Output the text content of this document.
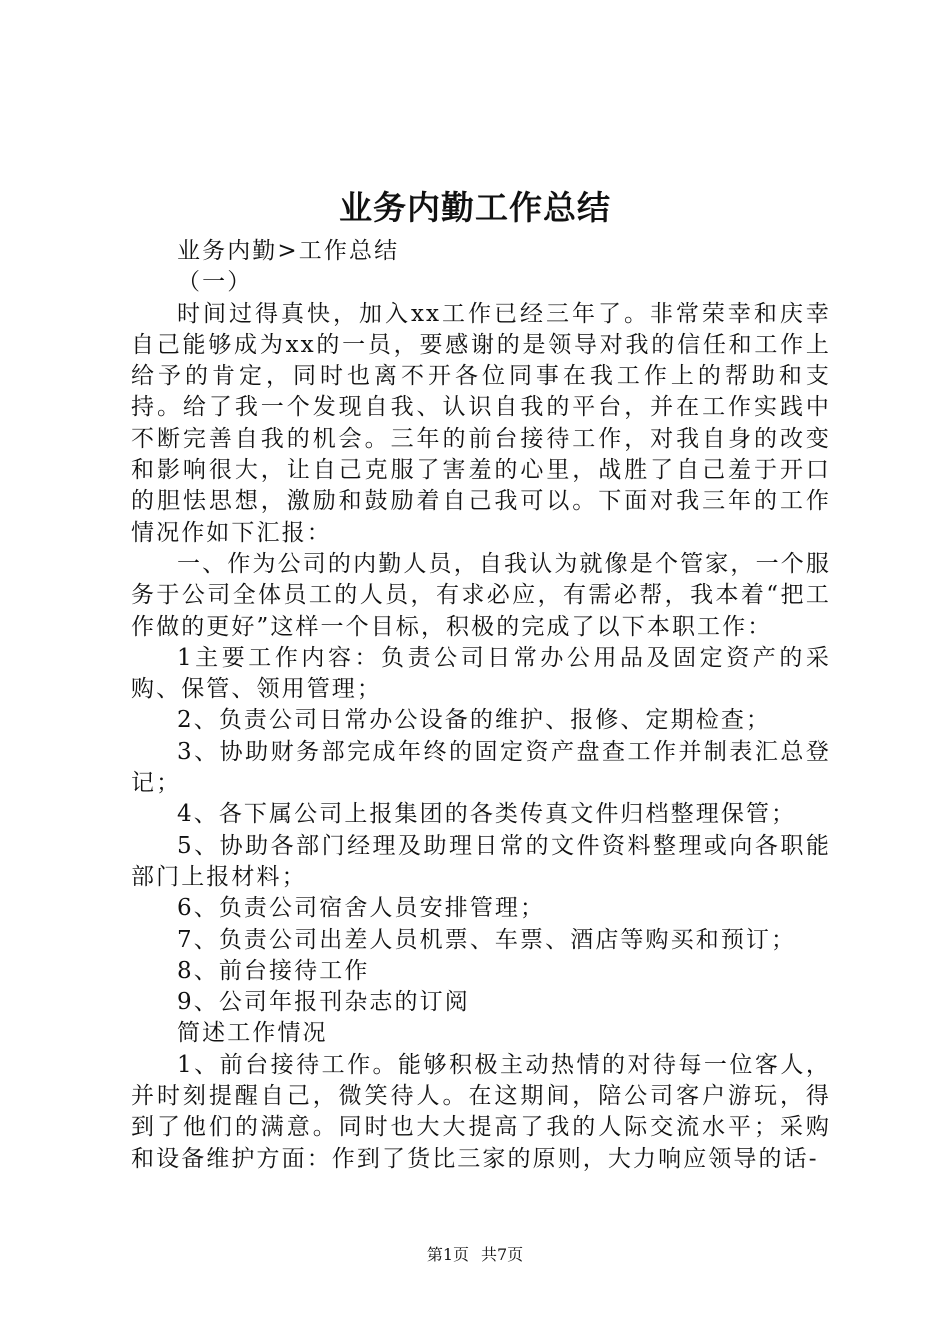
业务内勤工作总结

业务内勤>工作总结

（一）

时间过得真快，加入xx工作已经三年了。非常荣幸和庆幸自己能够成为xx的一员，要感谢的是领导对我的信任和工作上给予的肯定，同时也离不开各位同事在我工作上的帮助和支持。给了我一个发现自我、认识自我的平台，并在工作实践中不断完善自我的机会。三年的前台接待工作，对我自身的改变和影响很大，让自己克服了害羞的心里，战胜了自己羞于开口的胆怯思想，激励和鼓励着自己我可以。下面对我三年的工作情况作如下汇报：

一、作为公司的内勤人员，自我认为就像是个管家，一个服务于公司全体员工的人员，有求必应，有需必帮，我本着“把工作做的更好”这样一个目标，积极的完成了以下本职工作：

1主要工作内容：负责公司日常办公用品及固定资产的采购、保管、领用管理；

2、负责公司日常办公设备的维护、报修、定期检查；

3、协助财务部完成年终的固定资产盘查工作并制表汇总登记；

4、各下属公司上报集团的各类传真文件归档整理保管；

5、协助各部门经理及助理日常的文件资料整理或向各职能部门上报材料；

6、负责公司宿舍人员安排管理；

7、负责公司出差人员机票、车票、酒店等购买和预订；

8、前台接待工作

9、公司年报刊杂志的订阅

简述工作情况

1、前台接待工作。能够积极主动热情的对待每一位客人，并时刻提醒自己，微笑待人。在这期间，陪公司客户游玩，得到了他们的满意。同时也大大提高了我的人际交流水平；采购和设备维护方面：作到了货比三家的原则，大力响应领导的话-

第1页 共7页
